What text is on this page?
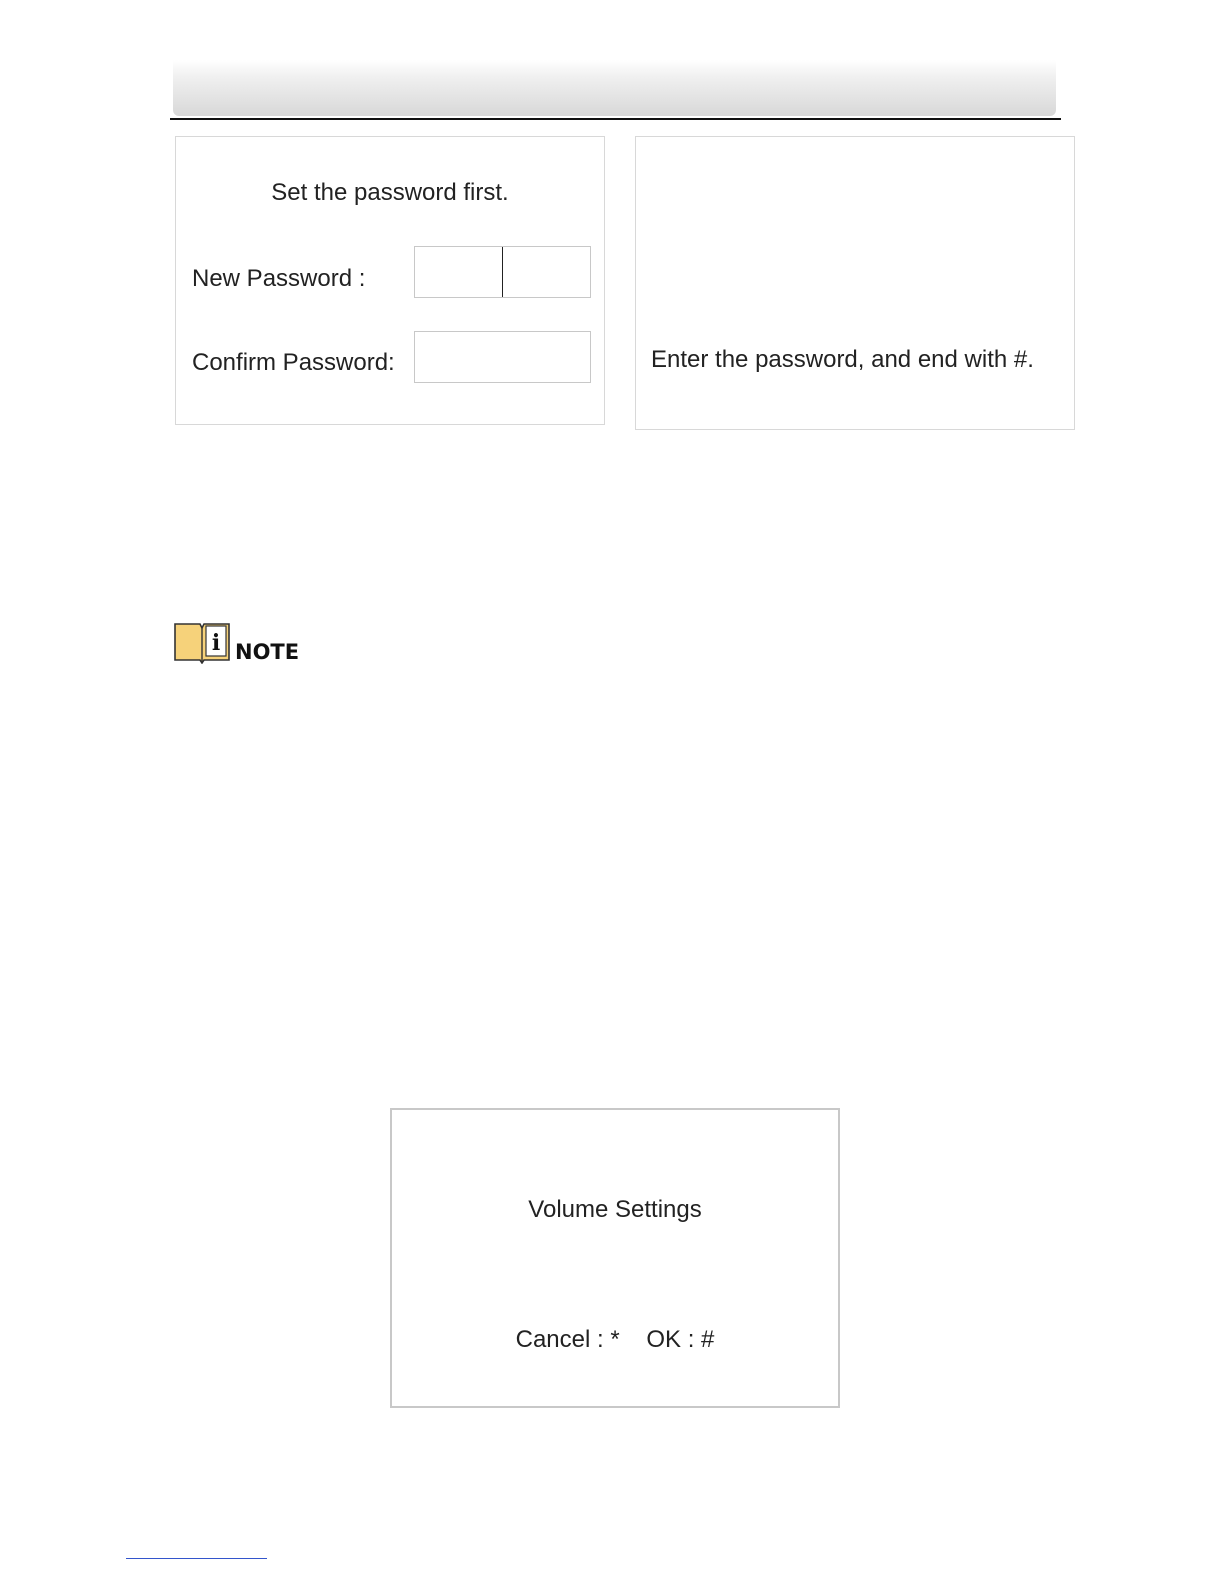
Set the password first.
New Password :
Confirm Password:	Enter the password, and end with #.
i NOTE
Volume Settings
Cancel : *    OK : #
